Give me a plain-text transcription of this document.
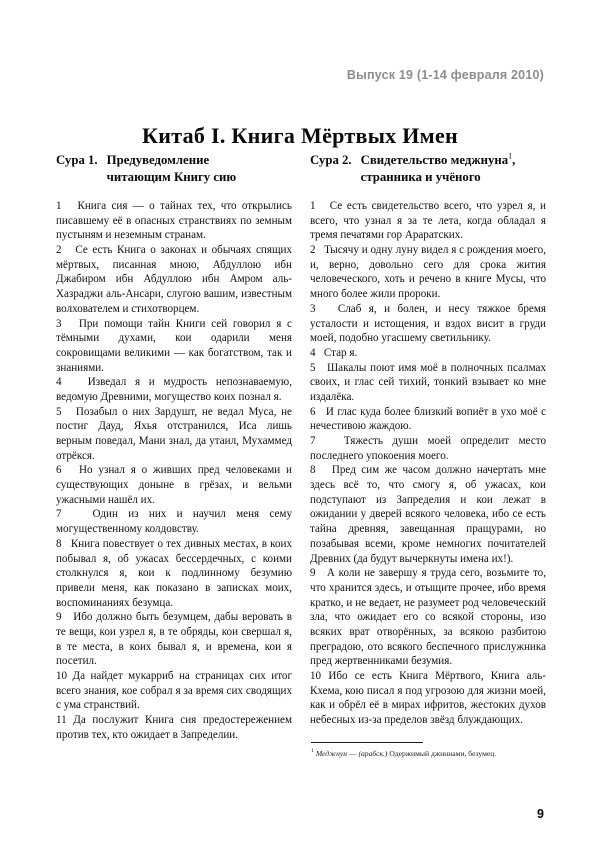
Выпуск 19 (1-14 февраля 2010)
Китаб I. Книга Мёртвых Имен
Сура 1. Предуведомление
читающим Книгу сию

1 Книга сия — о тайнах тех, что открылись писавшему её в опасных странствиях по земным пустыням и неземным странам.

2 Се есть Книга о законах и обычаях спящих мёртвых, писанная мною, Абдуллою ибн Джабиром ибн Абдуллою ибн Амром аль-Хазраджи аль-Ансари, слугою вашим, известным волхователем и стихотворцем.

3 При помощи тайн Книги сей говорил я с тёмными духами, кои одарили меня сокровищами великими — как богатством, так и знаниями.

4 Изведал я и мудрость непознаваемую, ведомую Древними, могущество коих познал я.

5 Позабыл о них Зардушт, не ведал Муса, не постиг Дауд, Яхья отстранился, Иса лишь верным поведал, Мани знал, да утаил, Мухаммед отрёкся.

6 Но узнал я о живших пред человеками и существующих доныне в грёзах, и вельми ужасными нашёл их.

7	Один из них и научил меня сему могущественному колдовству.

8 Книга повествует о тех дивных местах, в коих побывал я, об ужасах бессердечных, с коими столкнулся я, кои к подлинному безумию привели меня, как показано в записках моих, воспоминаниях безумца.

9 Ибо должно быть безумцем, дабы веровать в те вещи, кои узрел я, в те обряды, кои свершал я, в те места, в коих бывал я, и времена, кои я посетил.

10 Да найдет мукарриб на страницах сих итог всего знания, кое собрал я за время сих сводящих с ума странствий.

11 Да послужит Книга сия предостережением против тех, кто ожидает в Запределии.

Сура 2. Свидетельство меджнуна$^1$,
странника и учёного

1 Се есть свидетельство всего, что узрел я, и всего, что узнал я за те лета, когда обладал я тремя печатями гор Араратских.

2 Тысячу и одну луну видел я с рождения моего, и, верно, довольно сего для срока жития человеческого, хоть и речено в книге Мусы, что много более жили пророки.

3 Слаб я, и болен, и несу тяжкое бремя усталости и истощения, и вздох висит в груди моей, подобно угасшему светильнику.

4 Стар я.

5 Шакалы поют имя моё в полночных псалмах своих, и глас сей тихий, тонкий взывает ко мне издалёка.

6 И глас куда более близкий вопиёт в ухо моё с нечестивою жаждою.

7	Тяжесть души моей определит место последнего упокоения моего.

8 Пред сим же часом должно начертать мне здесь всё то, что смогу я, об ужасах, кои подступают из Запределия и кои лежат в ожидании у дверей всякого человека, ибо се есть тайна древняя, завещанная пращурами, но позабывая всеми, кроме немногих почитателей Древних (да будут вычеркнуты имена их!).

9 А коли не завершу я труда сего, возьмите то, что хранится здесь, и отыщите прочее, ибо время кратко, и не ведает, не разумеет род человеческий зла, что ожидает его со всякой стороны, изо всяких врат отворённых, за всякою разбитою преградою, ото всякого беспечного прислужника пред жертвенниками безумия.

10 Ибо се есть Книга Мёртвого, Книга аль-Кхема, кою писал я под угрозою для жизни моей, как и обрёл её в мирах ифритов, жестоких духов небесных из-за пределов звёзд блуждающих.

$^1$ Меджнун — (арабск.) Одержимый джиннами, безумец.
9
